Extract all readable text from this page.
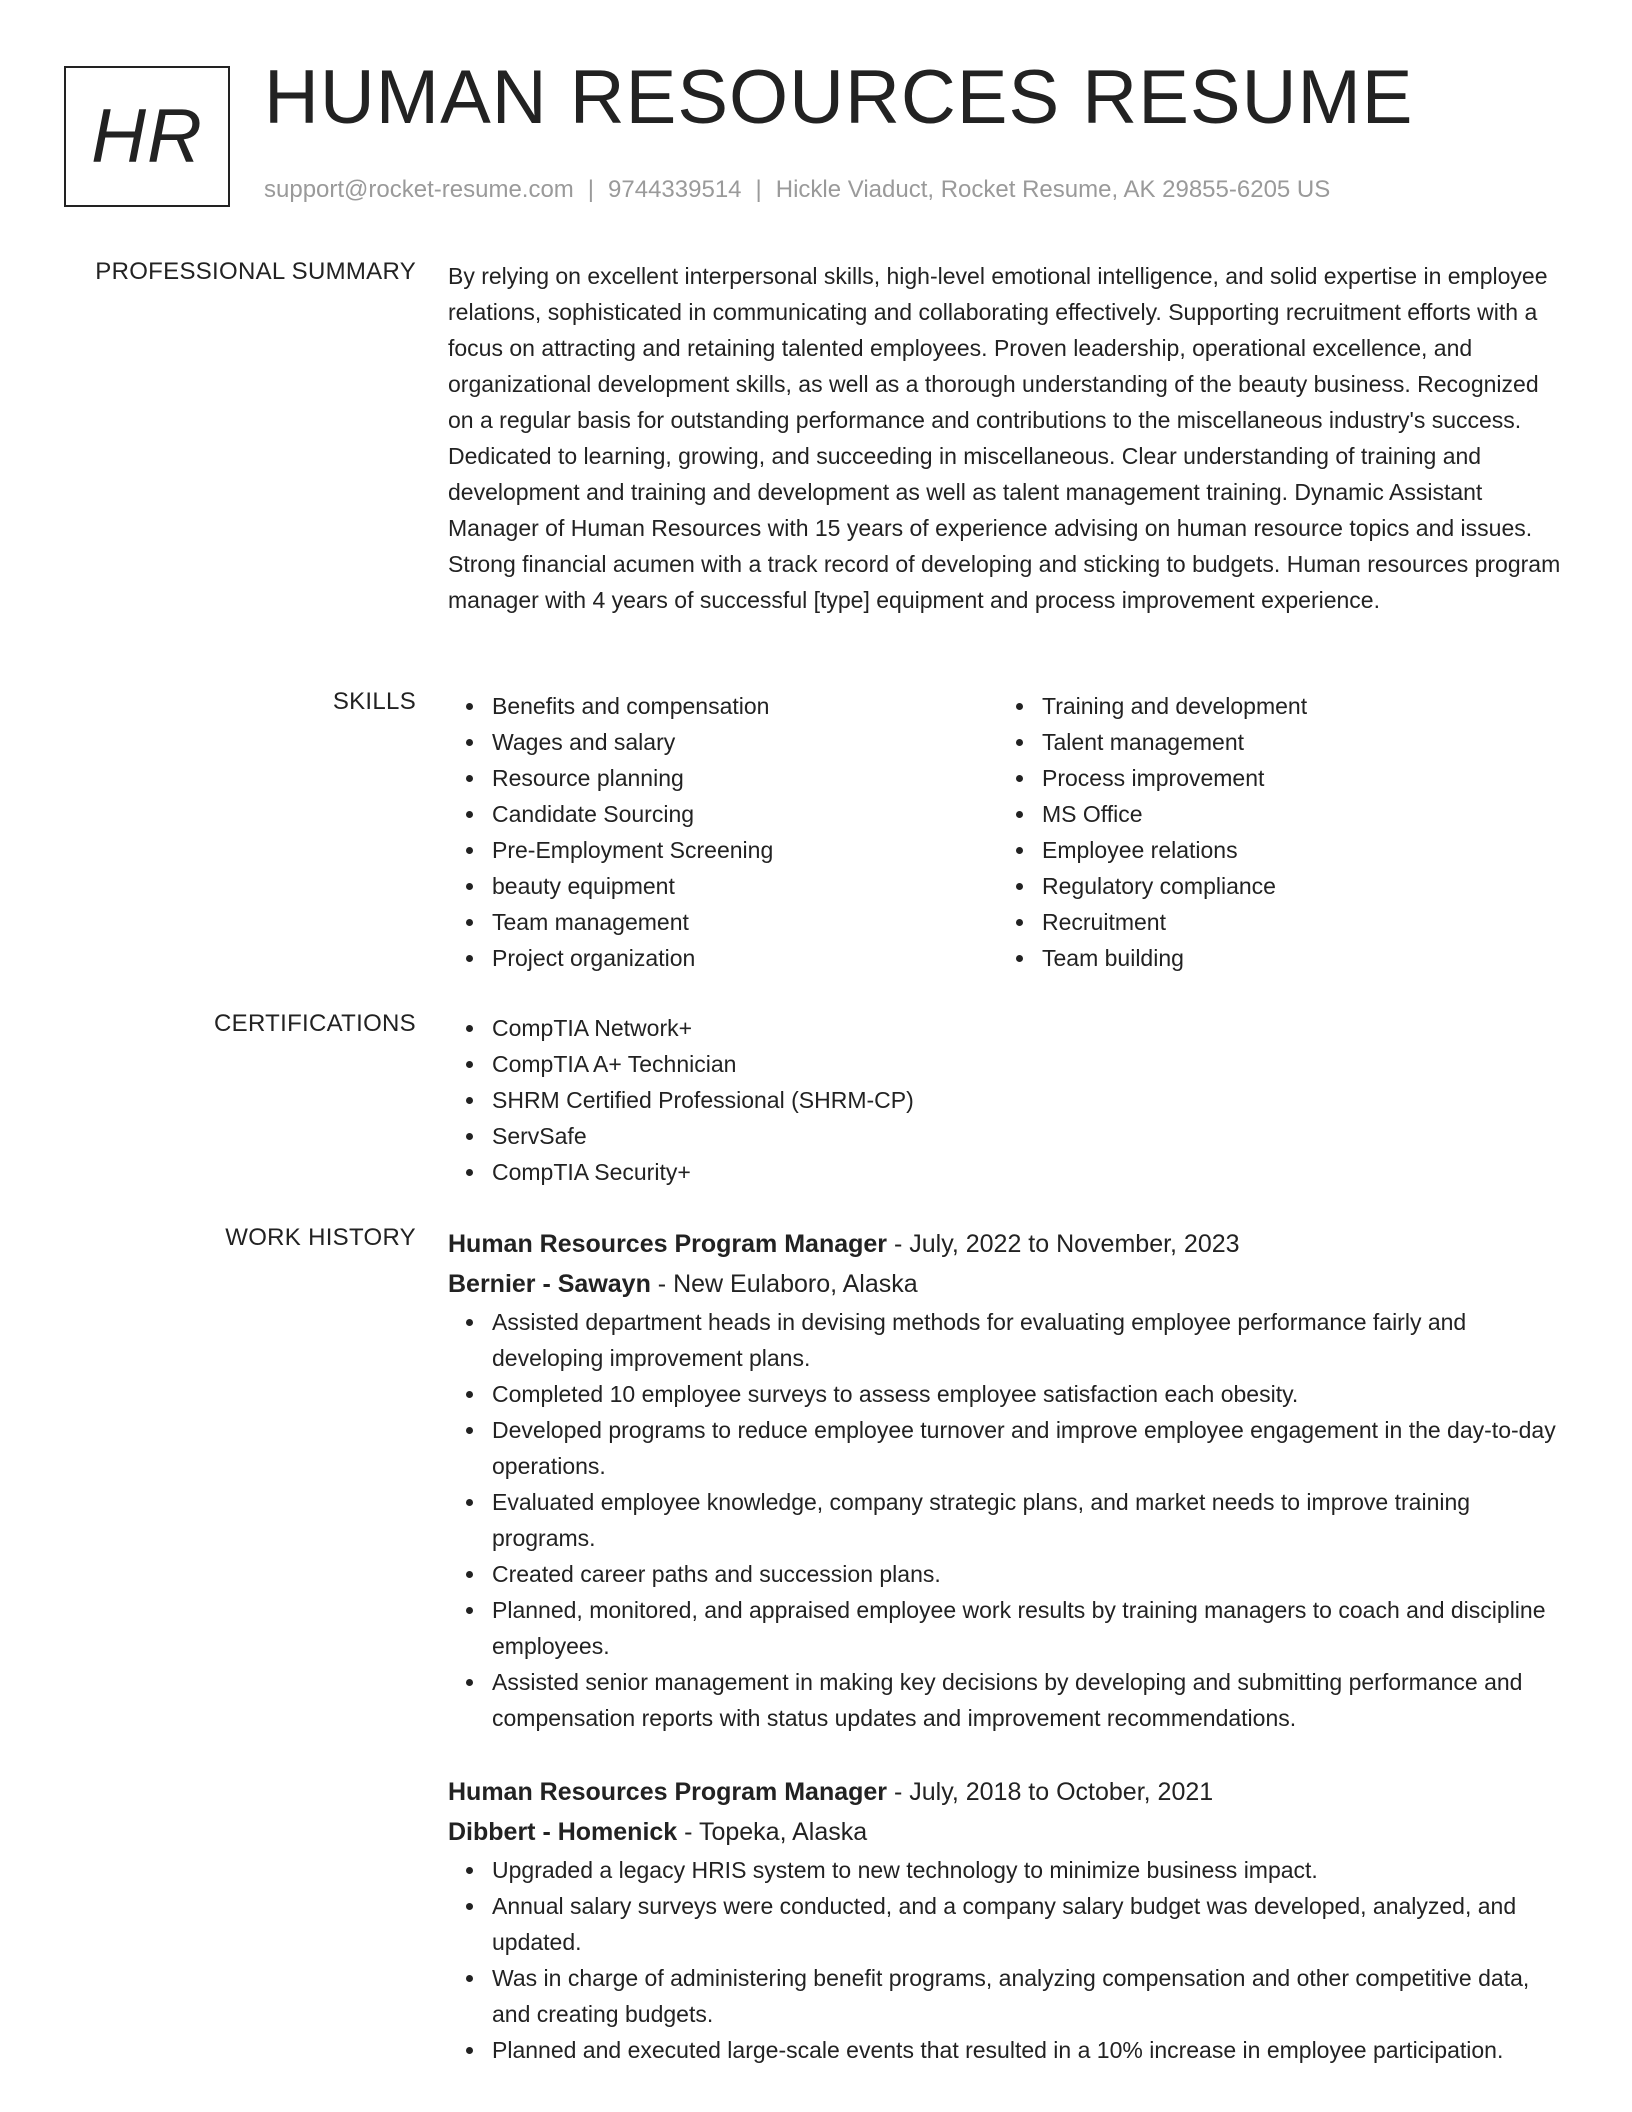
HR HUMAN RESOURCES RESUME
support@rocket-resume.com | 9744339514 | Hickle Viaduct, Rocket Resume, AK 29855-6205 US
PROFESSIONAL SUMMARY By relying on excellent interpersonal skills, high-level emotional intelligence, and solid expertise in employee relations, sophisticated in communicating and collaborating effectively. Supporting recruitment efforts with a focus on attracting and retaining talented employees. Proven leadership, operational excellence, and organizational development skills, as well as a thorough understanding of the beauty business. Recognized on a regular basis for outstanding performance and contributions to the miscellaneous industry's success. Dedicated to learning, growing, and succeeding in miscellaneous. Clear understanding of training and development and training and development as well as talent management training. Dynamic Assistant Manager of Human Resources with 15 years of experience advising on human resource topics and issues. Strong financial acumen with a track record of developing and sticking to budgets. Human resources program manager with 4 years of successful [type] equipment and process improvement experience.

SKILLS	Benefits and compensation
Wages and salary
Resource planning
Candidate Sourcing
Pre-Employment Screening
beauty equipment
Team management
Project organization
Training and development
Talent management
Process improvement
MS Office
Employee relations
Regulatory compliance
Recruitment
Team building
CERTIFICATIONS	CompTIA Network+
CompTIA A+ Technician
SHRM Certified Professional (SHRM-CP)
ServSafe
CompTIA Security+
WORK HISTORY Human Resources Program Manager - July, 2022 to November, 2023
Bernier - Sawayn - New Eulaboro, Alaska
Assisted department heads in devising methods for evaluating employee performance fairly and developing improvement plans.
Completed 10 employee surveys to assess employee satisfaction each obesity.
Developed programs to reduce employee turnover and improve employee engagement in the day-to-day operations.
Evaluated employee knowledge, company strategic plans, and market needs to improve training programs.
Created career paths and succession plans.
Planned, monitored, and appraised employee work results by training managers to coach and discipline employees.
Assisted senior management in making key decisions by developing and submitting performance and compensation reports with status updates and improvement recommendations.
Human Resources Program Manager - July, 2018 to October, 2021
Dibbert - Homenick - Topeka, Alaska
Upgraded a legacy HRIS system to new technology to minimize business impact.
Annual salary surveys were conducted, and a company salary budget was developed, analyzed, and updated.
Was in charge of administering benefit programs, analyzing compensation and other competitive data, and creating budgets.
Planned and executed large-scale events that resulted in a 10% increase in employee participation.
